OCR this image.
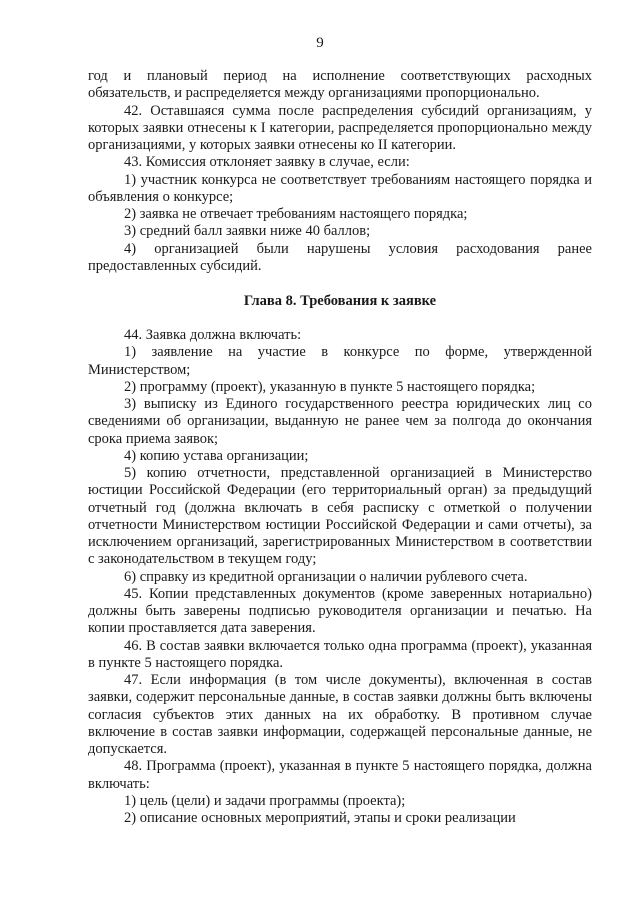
9

год и плановый период на исполнение соответствующих расходных обязательств, и распределяется между организациями пропорционально.

42. Оставшаяся сумма после распределения субсидий организациям, у которых заявки отнесены к I категории, распределяется пропорционально между организациями, у которых заявки отнесены ко II категории.

43. Комиссия отклоняет заявку в случае, если:

1) участник конкурса не соответствует требованиям настоящего порядка и объявления о конкурсе;

2) заявка не отвечает требованиям настоящего порядка;

3) средний балл заявки ниже 40 баллов;

4) организацией были нарушены условия расходования ранее предоставленных субсидий.

Глава 8. Требования к заявке

44. Заявка должна включать:

1) заявление на участие в конкурсе по форме, утвержденной Министерством;

2) программу (проект), указанную в пункте 5 настоящего порядка;

3) выписку из Единого государственного реестра юридических лиц со сведениями об организации, выданную не ранее чем за полгода до окончания срока приема заявок;

4) копию устава организации;

5) копию отчетности, представленной организацией в Министерство юстиции Российской Федерации (его территориальный орган) за предыдущий отчетный год (должна включать в себя расписку с отметкой о получении отчетности Министерством юстиции Российской Федерации и сами отчеты), за исключением организаций, зарегистрированных Министерством в соответствии с законодательством в текущем году;

6) справку из кредитной организации о наличии рублевого счета.

45. Копии представленных документов (кроме заверенных нотариально) должны быть заверены подписью руководителя организации и печатью. На копии проставляется дата заверения.

46. В состав заявки включается только одна программа (проект), указанная в пункте 5 настоящего порядка.

47. Если информация (в том числе документы), включенная в состав заявки, содержит персональные данные, в состав заявки должны быть включены согласия субъектов этих данных на их обработку. В противном случае включение в состав заявки информации, содержащей персональные данные, не допускается.

48. Программа (проект), указанная в пункте 5 настоящего порядка, должна включать:

1) цель (цели) и задачи программы (проекта);

2) описание основных мероприятий, этапы и сроки реализации
